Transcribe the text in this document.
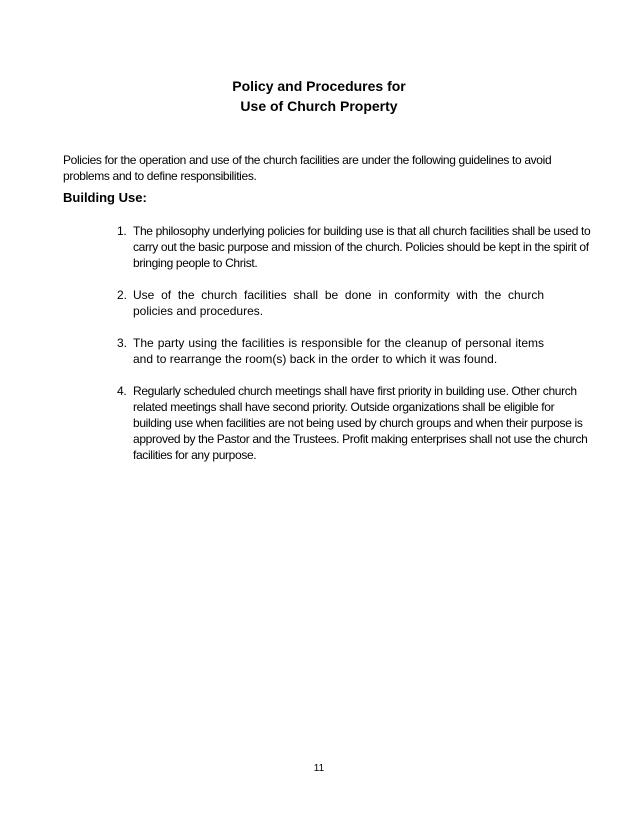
Policy and Procedures for
Use of Church Property
Policies for the operation and use of the church facilities are under the following guidelines to avoid problems and to define responsibilities.
Building Use:
1. The philosophy underlying policies for building use is that all church facilities shall be used to carry out the basic purpose and mission of the church. Policies should be kept in the spirit of bringing people to Christ.
2. Use of the church facilities shall be done in conformity with the church policies and procedures.
3. The party using the facilities is responsible for the cleanup of personal items and to rearrange the room(s) back in the order to which it was found.
4. Regularly scheduled church meetings shall have first priority in building use. Other church related meetings shall have second priority. Outside organizations shall be eligible for building use when facilities are not being used by church groups and when their purpose is approved by the Pastor and the Trustees. Profit making enterprises shall not use the church facilities for any purpose.
11
